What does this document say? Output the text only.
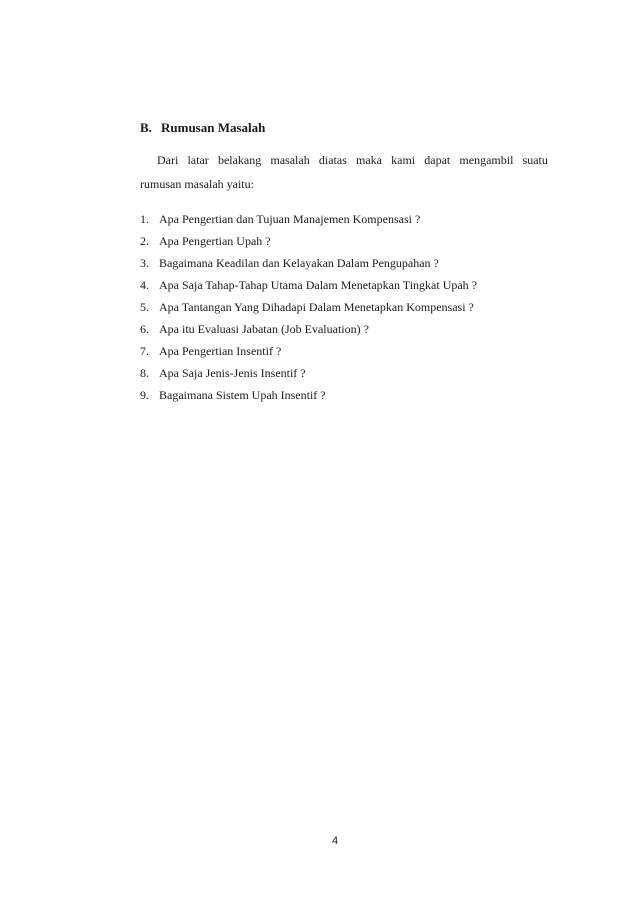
B. Rumusan Masalah
Dari latar belakang masalah diatas maka kami dapat mengambil suatu
rumusan masalah yaitu:
1. Apa Pengertian dan Tujuan Manajemen Kompensasi ?
2. Apa Pengertian Upah ?
3. Bagaimana Keadilan dan Kelayakan Dalam Pengupahan ?
4. Apa Saja Tahap-Tahap Utama Dalam Menetapkan Tingkat Upah ?
5. Apa Tantangan Yang Dihadapi Dalam Menetapkan Kompensasi ?
6. Apa itu Evaluasi Jabatan (Job Evaluation) ?
7. Apa Pengertian Insentif ?
8. Apa Saja Jenis-Jenis Insentif ?
9. Bagaimana Sistem Upah Insentif ?
4
